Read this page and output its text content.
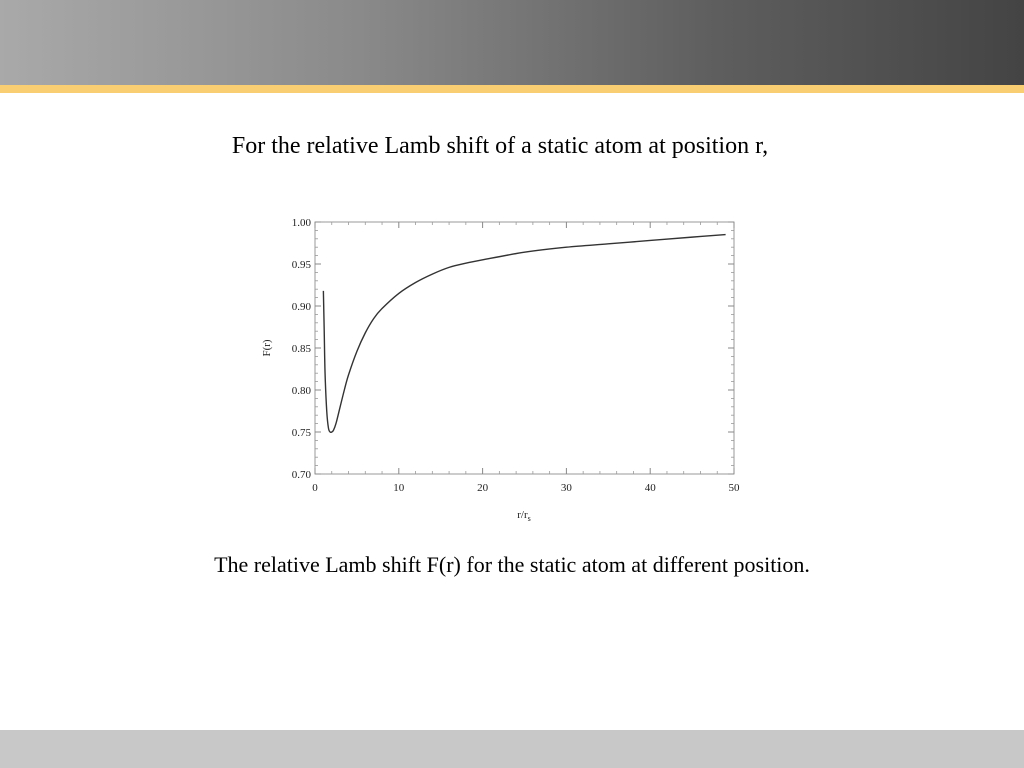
For the relative Lamb shift of a static atom at position r,
0	10	20	30	40	50
0.70
0.75
0.80
0.85
0.90
0.95
1.00
F(r)
$r/r_s$
The relative Lamb shift F(r) for the static atom at different position.
